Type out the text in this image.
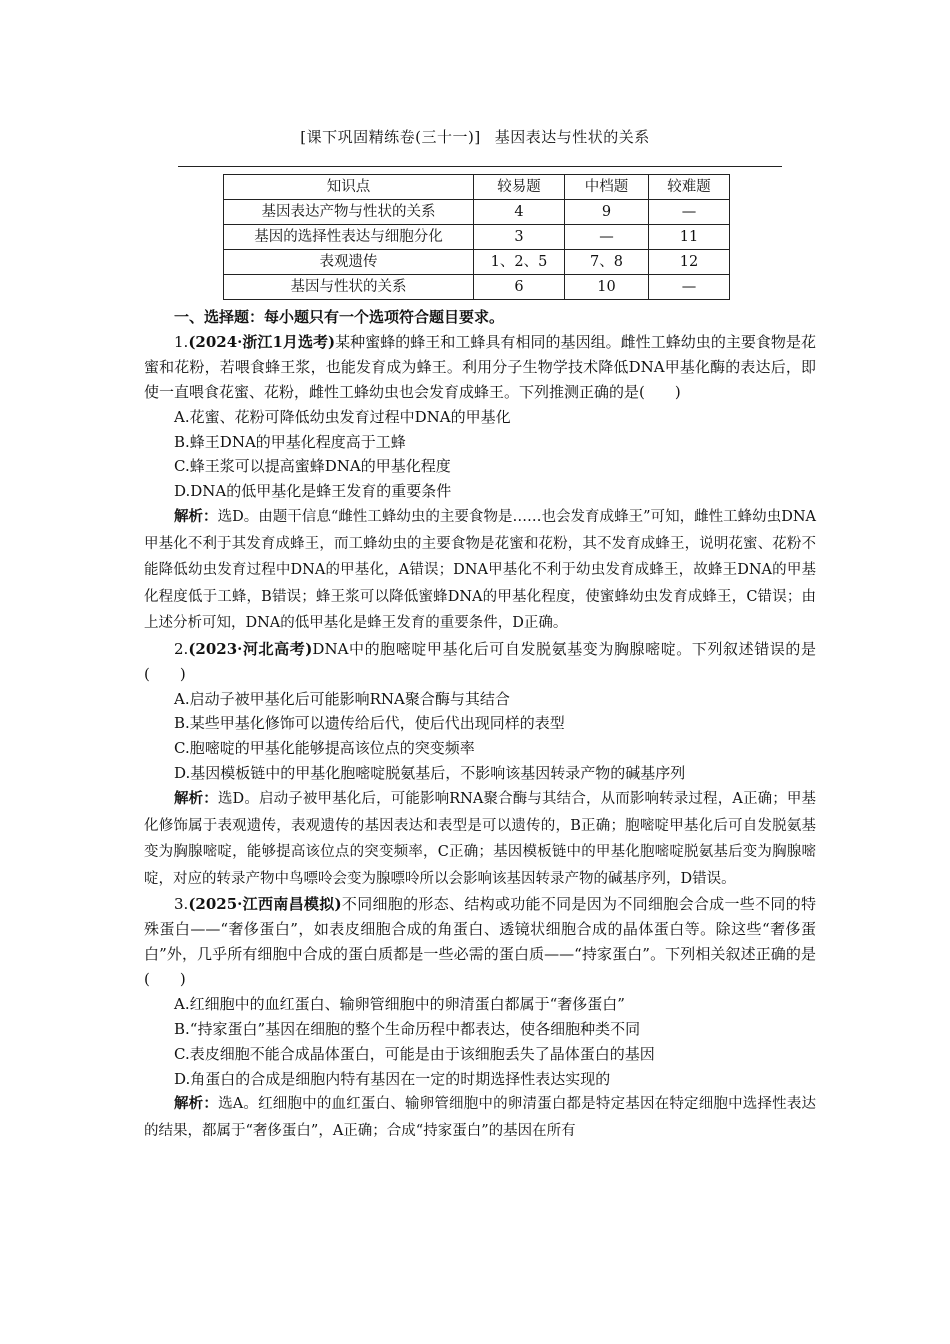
[课下巩固精练卷(三十一)] 基因表达与性状的关系
知识点	较易题	中档题	较难题
基因表达产物与性状的关系	4	9	—
基因的选择性表达与细胞分化	3	—	11
表观遗传	1、2、5	7、8	12
基因与性状的关系	6	10	—

一、选择题：每小题只有一个选项符合题目要求。

1.(2024·浙江1月选考)某种蜜蜂的蜂王和工蜂具有相同的基因组。雌性工蜂幼虫的主要食物是花蜜和花粉，若喂食蜂王浆，也能发育成为蜂王。利用分子生物学技术降低DNA甲基化酶的表达后，即使一直喂食花蜜、花粉，雌性工蜂幼虫也会发育成蜂王。下列推测正确的是(　　)

A.花蜜、花粉可降低幼虫发育过程中DNA的甲基化

B.蜂王DNA的甲基化程度高于工蜂

C.蜂王浆可以提高蜜蜂DNA的甲基化程度

D.DNA的低甲基化是蜂王发育的重要条件

解析：选D。由题干信息“雌性工蜂幼虫的主要食物是……也会发育成蜂王”可知，雌性工蜂幼虫DNA甲基化不利于其发育成蜂王，而工蜂幼虫的主要食物是花蜜和花粉，其不发育成蜂王，说明花蜜、花粉不能降低幼虫发育过程中DNA的甲基化，A错误；DNA甲基化不利于幼虫发育成蜂王，故蜂王DNA的甲基化程度低于工蜂，B错误；蜂王浆可以降低蜜蜂DNA的甲基化程度，使蜜蜂幼虫发育成蜂王，C错误；由上述分析可知，DNA的低甲基化是蜂王发育的重要条件，D正确。

2.(2023·河北高考)DNA中的胞嘧啶甲基化后可自发脱氨基变为胸腺嘧啶。下列叙述错误的是(　　)

A.启动子被甲基化后可能影响RNA聚合酶与其结合

B.某些甲基化修饰可以遗传给后代，使后代出现同样的表型

C.胞嘧啶的甲基化能够提高该位点的突变频率

D.基因模板链中的甲基化胞嘧啶脱氨基后，不影响该基因转录产物的碱基序列

解析：选D。启动子被甲基化后，可能影响RNA聚合酶与其结合，从而影响转录过程，A正确；甲基化修饰属于表观遗传，表观遗传的基因表达和表型是可以遗传的，B正确；胞嘧啶甲基化后可自发脱氨基变为胸腺嘧啶，能够提高该位点的突变频率，C正确；基因模板链中的甲基化胞嘧啶脱氨基后变为胸腺嘧啶，对应的转录产物中鸟嘌呤会变为腺嘌呤所以会影响该基因转录产物的碱基序列，D错误。

3.(2025·江西南昌模拟)不同细胞的形态、结构或功能不同是因为不同细胞会合成一些不同的特殊蛋白——“奢侈蛋白”，如表皮细胞合成的角蛋白、透镜状细胞合成的晶体蛋白等。除这些“奢侈蛋白”外，几乎所有细胞中合成的蛋白质都是一些必需的蛋白质——“持家蛋白”。下列相关叙述正确的是(　　)

A.红细胞中的血红蛋白、输卵管细胞中的卵清蛋白都属于“奢侈蛋白”

B.“持家蛋白”基因在细胞的整个生命历程中都表达，使各细胞种类不同

C.表皮细胞不能合成晶体蛋白，可能是由于该细胞丢失了晶体蛋白的基因

D.角蛋白的合成是细胞内特有基因在一定的时期选择性表达实现的

解析：选A。红细胞中的血红蛋白、输卵管细胞中的卵清蛋白都是特定基因在特定细胞中选择性表达的结果，都属于“奢侈蛋白”，A正确；合成“持家蛋白”的基因在所有
